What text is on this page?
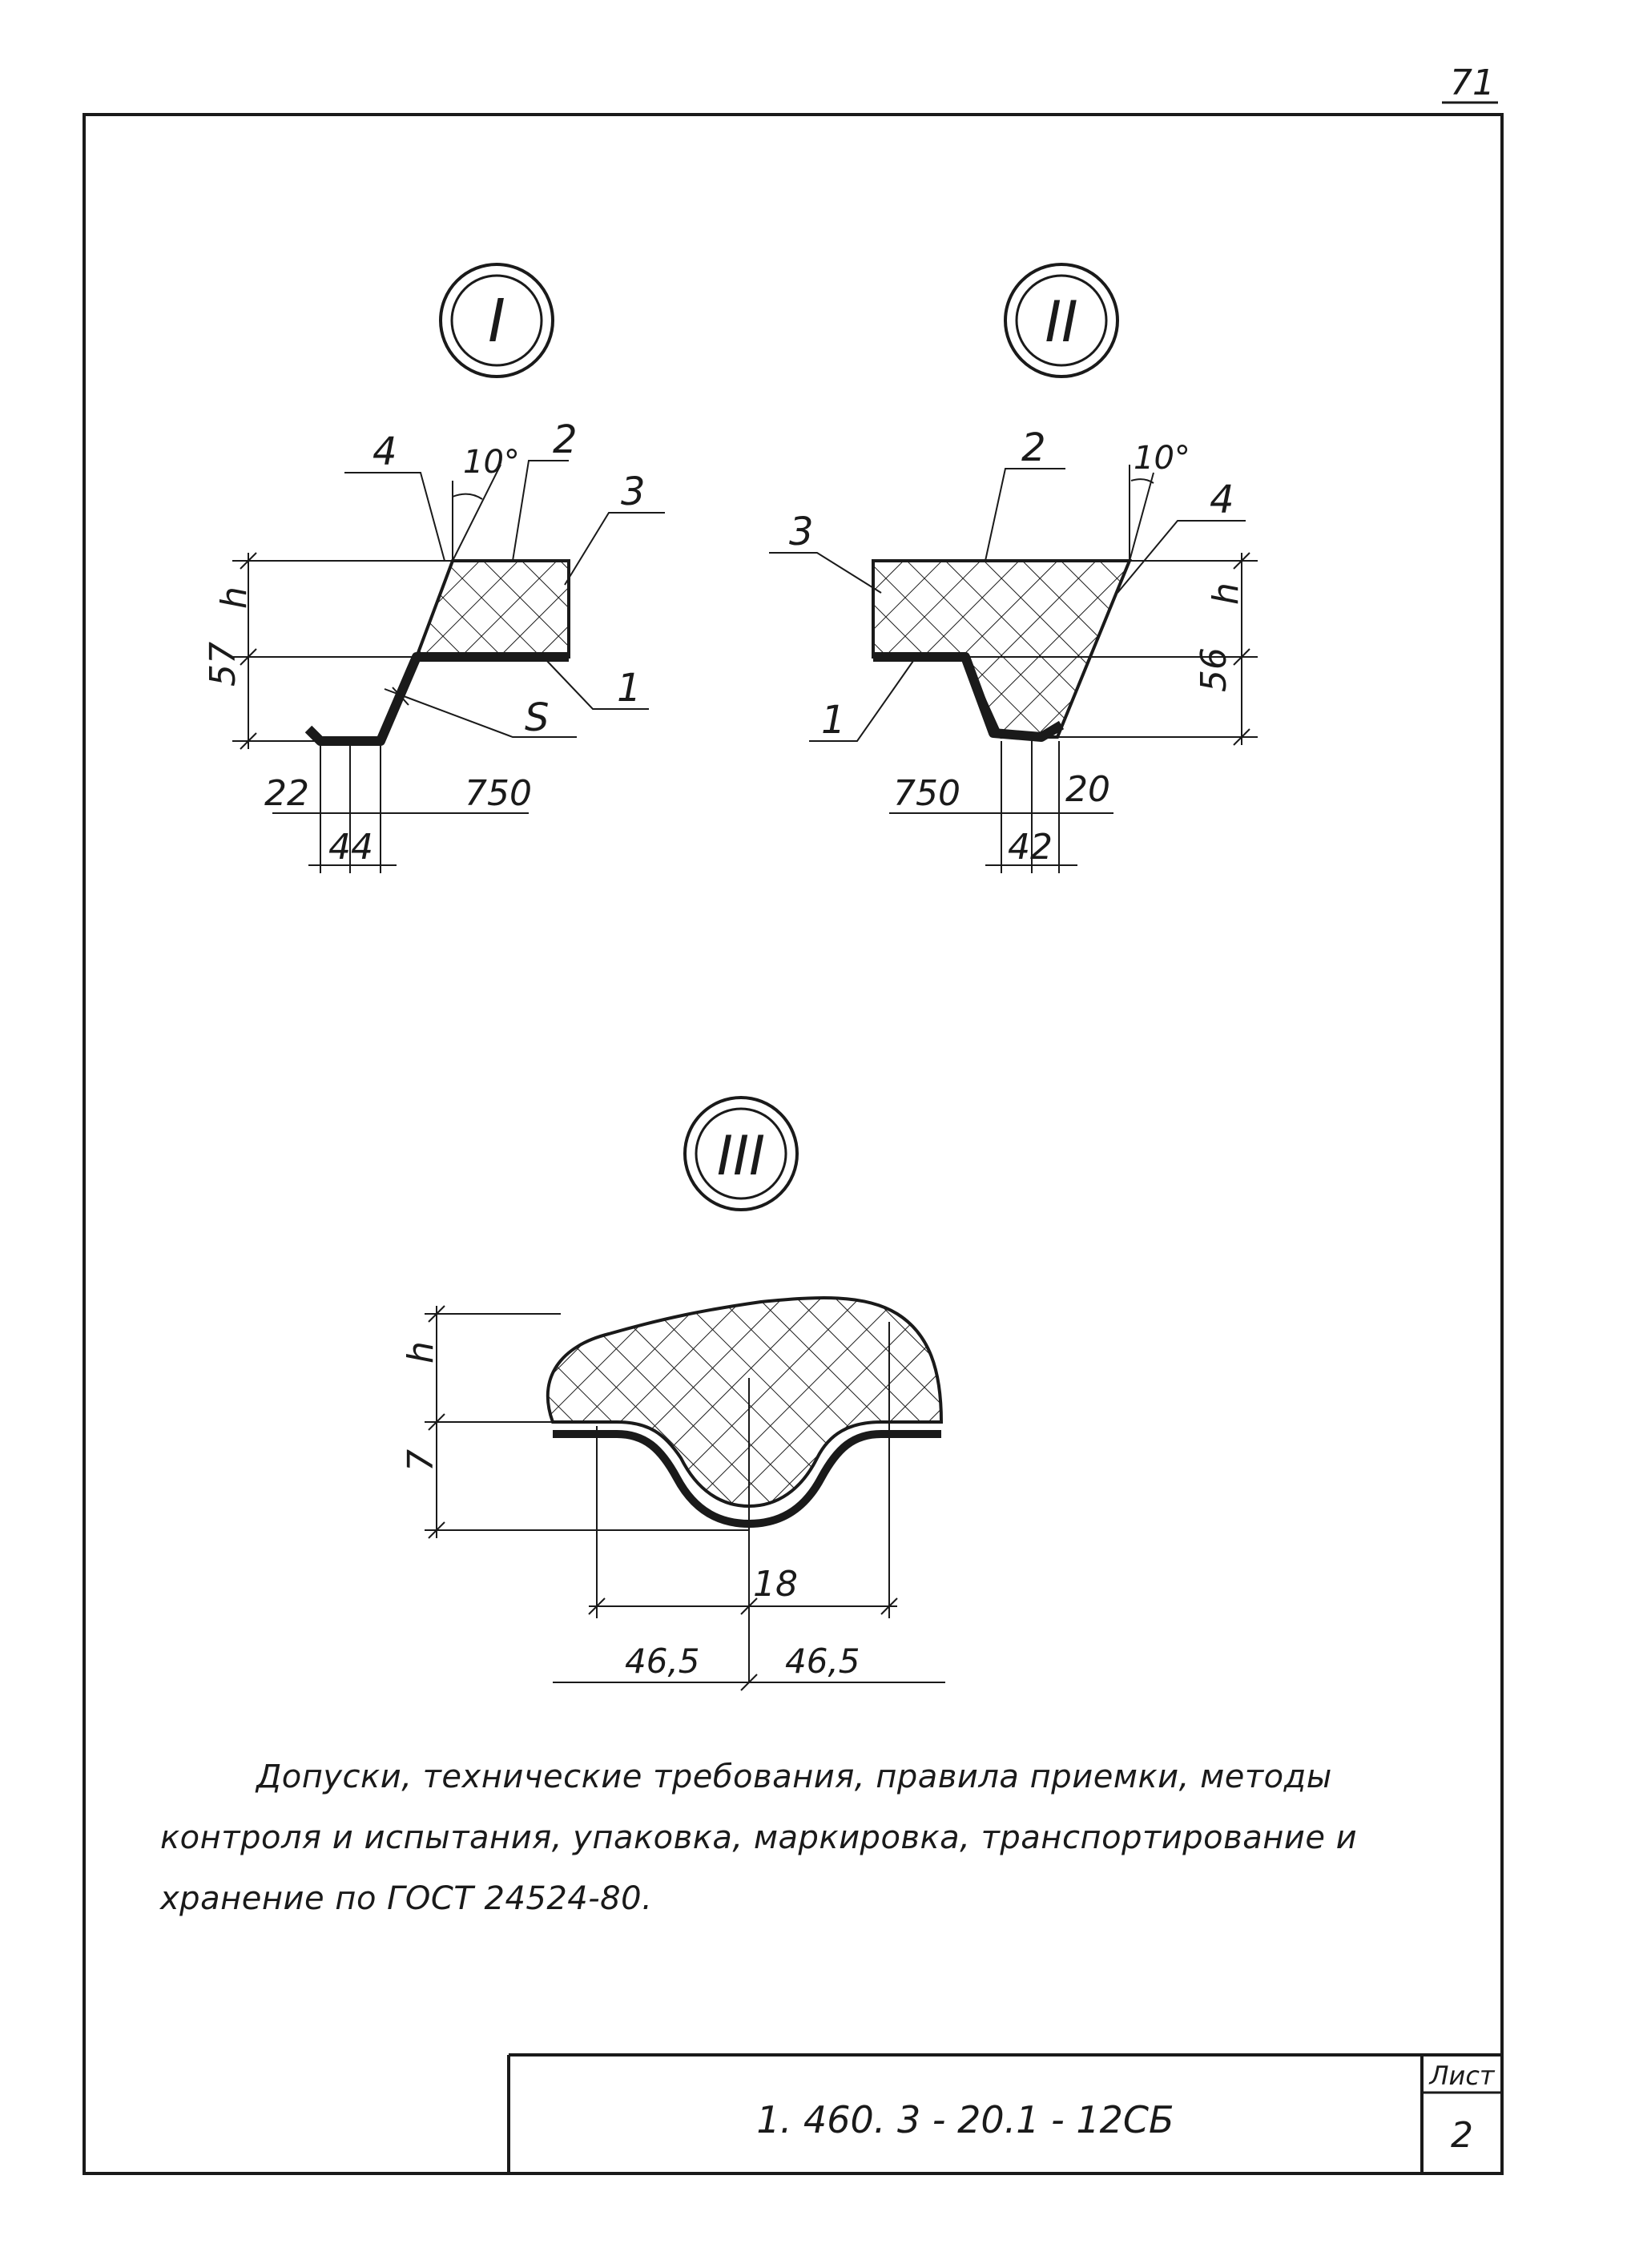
71
I
h
57
22	750
44
10°
4	2
3
1
S
II
h
56
750	20
42
10°
2
4
3
1
III
h
7
18
46,5	46,5
1. 460. 3 - 20.1 - 12СБ
Лист
2
Допуски, технические требования, правила приемки, методы
контроля и испытания, упаковка, маркировка, транспортирование и
хранение по ГОСТ 24524-80.
